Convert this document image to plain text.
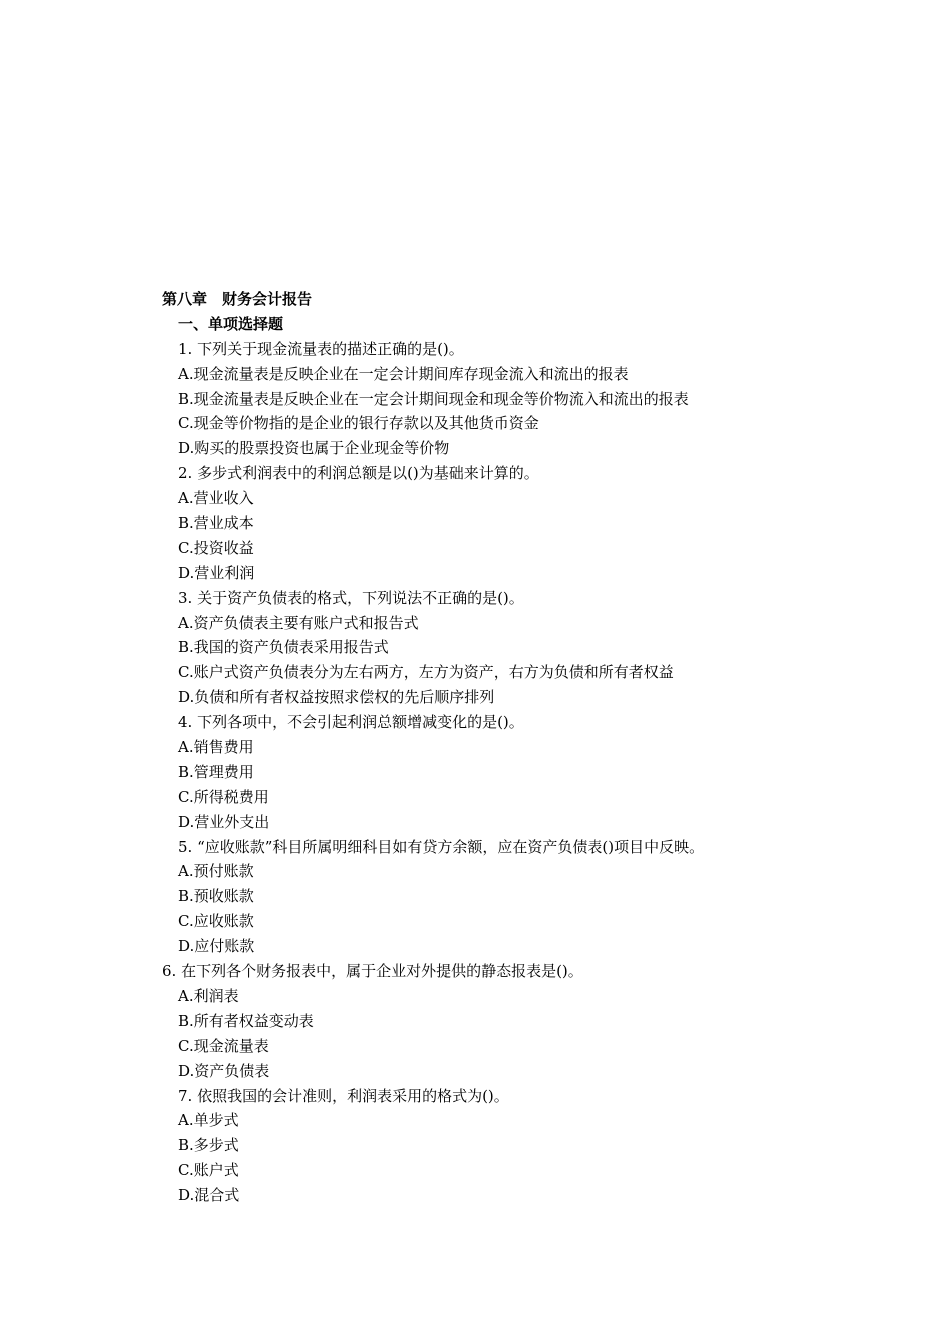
第八章　财务会计报告
一、单项选择题
1. 下列关于现金流量表的描述正确的是()。
A.现金流量表是反映企业在一定会计期间库存现金流入和流出的报表
B.现金流量表是反映企业在一定会计期间现金和现金等价物流入和流出的报表
C.现金等价物指的是企业的银行存款以及其他货币资金
D.购买的股票投资也属于企业现金等价物
2. 多步式利润表中的利润总额是以()为基础来计算的。
A.营业收入
B.营业成本
C.投资收益
D.营业利润
3. 关于资产负债表的格式，下列说法不正确的是()。
A.资产负债表主要有账户式和报告式
B.我国的资产负债表采用报告式
C.账户式资产负债表分为左右两方，左方为资产，右方为负债和所有者权益
D.负债和所有者权益按照求偿权的先后顺序排列
4. 下列各项中，不会引起利润总额增减变化的是()。
A.销售费用
B.管理费用
C.所得税费用
D.营业外支出
5. “应收账款”科目所属明细科目如有贷方余额，应在资产负债表()项目中反映。
A.预付账款
B.预收账款
C.应收账款
D.应付账款
6. 在下列各个财务报表中，属于企业对外提供的静态报表是()。
A.利润表
B.所有者权益变动表
C.现金流量表
D.资产负债表
7. 依照我国的会计准则，利润表采用的格式为()。
A.单步式
B.多步式
C.账户式
D.混合式
